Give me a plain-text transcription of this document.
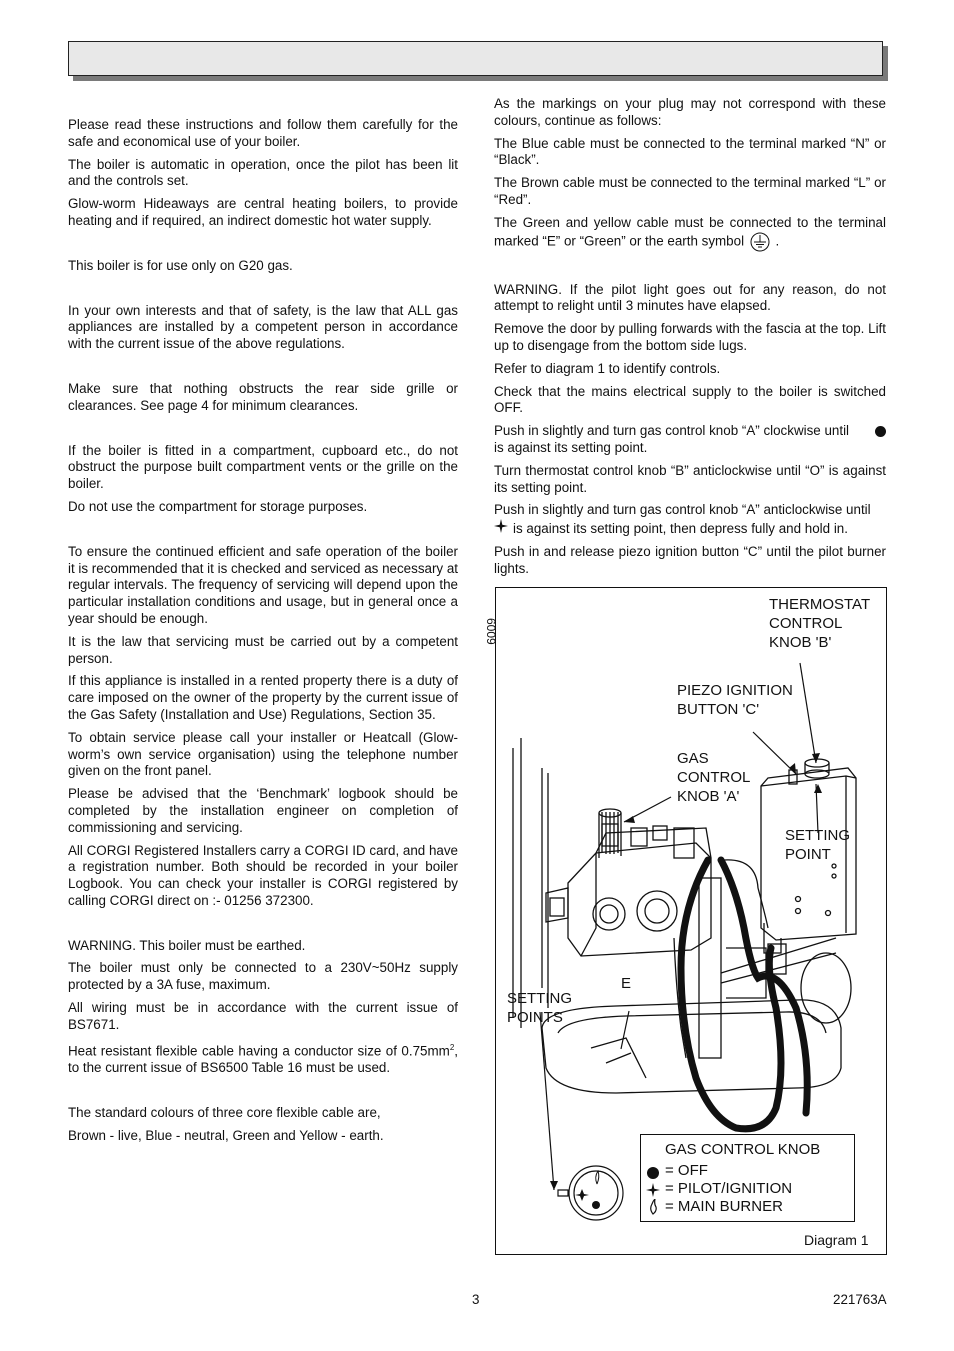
Please read these instructions and follow them carefully for the safe and economical use of your boiler.

The boiler is automatic in operation, once the pilot has been lit and the controls set.

Glow-worm Hideaways are central heating boilers, to provide heating and if required, an indirect domestic hot water supply.

This boiler is for use only on G20 gas.

In your own interests and that of safety, is the law that ALL gas appliances are installed by a competent person in accordance with the current issue of the above regulations.

Make sure that nothing obstructs the rear side grille or clearances. See page 4 for minimum clearances.

If the boiler is fitted in a compartment, cupboard etc., do not obstruct the purpose built compartment vents or the grille on the boiler.

Do not use the compartment for storage purposes.

To ensure the continued efficient and safe operation of the boiler it is recommended that it is checked and serviced as necessary at regular intervals. The frequency of servicing will depend upon the particular installation conditions and usage, but in general once a year should be enough.

It is the law that servicing must be carried out by a competent person.

If this appliance is installed in a rented property there is a duty of care imposed on the owner of the property by the current issue of the Gas Safety (Installation and Use) Regulations, Section 35.

To obtain service please call your installer or Heatcall (Glow-worm’s own service organisation) using the telephone number given on the front panel.

Please be advised that the ‘Benchmark’ logbook should be completed by the installation engineer on completion of commissioning and servicing.

All CORGI Registered Installers carry a CORGI ID card, and have a registration number. Both should be recorded in your boiler Logbook. You can check your installer is CORGI registered by calling CORGI direct on :- 01256 372300.

WARNING. This boiler must be earthed.

The boiler must only be connected to a 230V~50Hz supply protected by a 3A fuse, maximum.

All wiring must be in accordance with the current issue of BS7671.

Heat resistant flexible cable having a conductor size of $0.75mm^2$, to the current issue of BS6500 Table 16 must be used.

The standard colours of three core flexible cable are,

Brown - live, Blue - neutral, Green and Yellow - earth.

As the markings on your plug may not correspond with these colours, continue as follows:

The Blue cable must be connected to the terminal marked “N” or “Black”.

The Brown cable must be connected to the terminal marked “L” or “Red”.

The Green and yellow cable must be connected to the terminal marked “E” or “Green” or the earth symbol .

WARNING. If the pilot light goes out for any reason, do not attempt to relight until 3 minutes have elapsed.

Remove the door by pulling forwards with the fascia at the top. Lift up to disengage from the bottom side lugs.

Refer to diagram 1 to identify controls.

Check that the mains electrical supply to the boiler is switched OFF.

Push in slightly and turn gas control knob “A” clockwise until

is against its setting point.

Turn thermostat control knob “B” anticlockwise until “O” is against its setting point.

Push in slightly and turn gas control knob “A” anticlockwise until
is against its setting point, then depress fully and hold in.

Push in and release piezo ignition button “C” until the pilot burner lights.

6009
THERMOSTAT
CONTROL
KNOB 'B'
PIEZO IGNITION
BUTTON 'C'
GAS
CONTROL
KNOB 'A'
SETTING
POINT
E
SETTING
POINTS
GAS CONTROL KNOB
= OFF
= PILOT/IGNITION
= MAIN BURNER
Diagram 1
3	221763A
